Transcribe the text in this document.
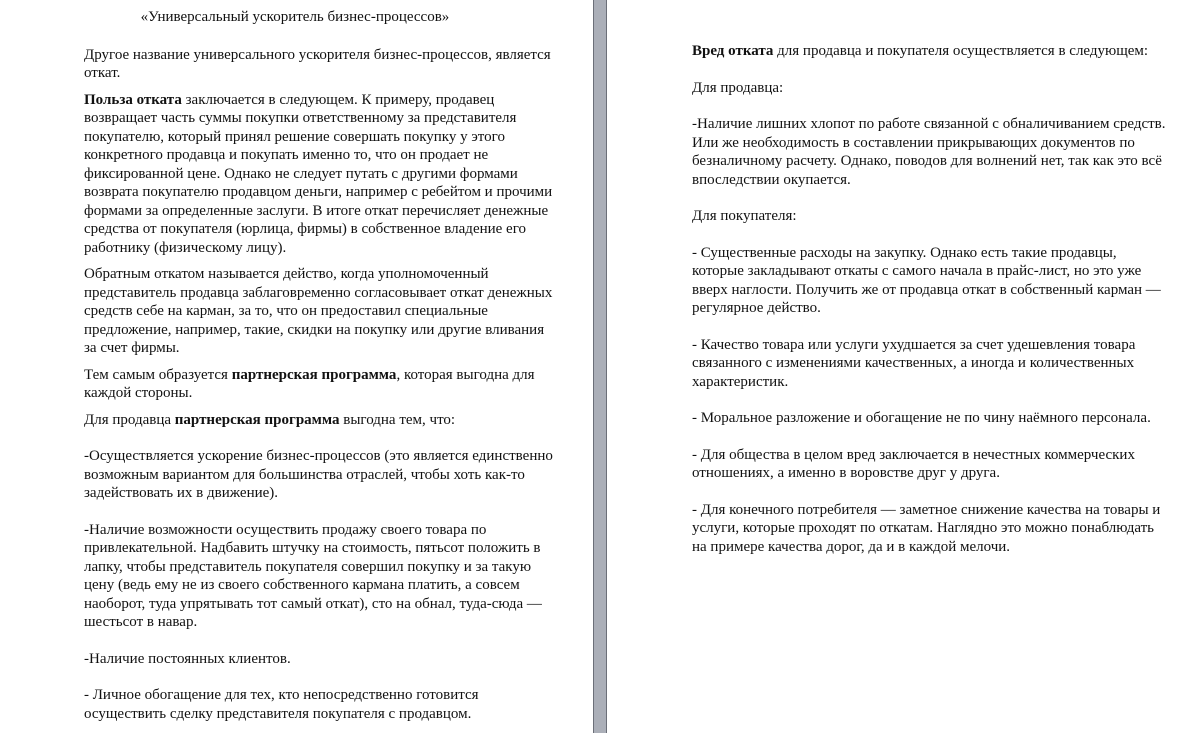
«Универсальный ускоритель бизнес-процессов»

Другое название универсального ускорителя бизнес-процессов, является откат.

Польза отката заключается в следующем. К примеру, продавец возвращает часть суммы покупки ответственному за представителя покупателю, который принял решение совершать покупку у этого конкретного продавца и покупать именно то, что он продает не фиксированной цене. Однако не следует путать с другими формами возврата покупателю продавцом деньги, например с ребейтом и прочими формами за определенные заслуги. В итоге откат перечисляет денежные средства от покупателя (юрлица, фирмы) в собственное владение его работнику (физическому лицу).

Обратным откатом называется действо, когда уполномоченный представитель продавца заблаговременно согласовывает откат денежных средств себе на карман, за то, что он предоставил специальные предложение, например, такие, скидки на покупку или другие вливания за счет фирмы.

Тем самым образуется партнерская программа, которая выгодна для каждой стороны.

Для продавца партнерская программа выгодна тем, что:

-Осуществляется ускорение бизнес-процессов (это является единственно возможным вариантом для большинства отраслей, чтобы хоть как-то задействовать их в движение).

-Наличие возможности осуществить продажу своего товара по привлекательной. Надбавить штучку на стоимость, пятьсот положить в лапку, чтобы представитель покупателя совершил покупку и за такую цену (ведь ему не из своего собственного кармана платить, а совсем наоборот, туда упрятывать тот самый откат), сто на обнал, туда-сюда — шестьсот в навар.

-Наличие постоянных клиентов.

- Личное обогащение для тех, кто непосредственно готовится осуществить сделку представителя покупателя с продавцом.

Вред отката для продавца и покупателя осуществляется в следующем:

Для продавца:

-Наличие лишних хлопот по работе связанной с обналичиванием средств. Или же необходимость в составлении прикрывающих документов по безналичному расчету. Однако, поводов для волнений нет, так как это всё впоследствии окупается.

Для покупателя:

- Существенные расходы на закупку. Однако есть такие продавцы, которые закладывают откаты с самого начала в прайс-лист, но это уже вверх наглости. Получить же от продавца откат в собственный карман — регулярное действо.

- Качество товара или услуги ухудшается за счет удешевления товара связанного с изменениями качественных, а иногда и количественных характеристик.

- Моральное разложение и обогащение не по чину наёмного персонала.

- Для общества в целом вред заключается в нечестных коммерческих отношениях, а именно в воровстве друг у друга.

- Для конечного потребителя — заметное снижение качества на товары и услуги, которые проходят по откатам. Наглядно это можно понаблюдать на примере качества дорог, да и в каждой мелочи.
